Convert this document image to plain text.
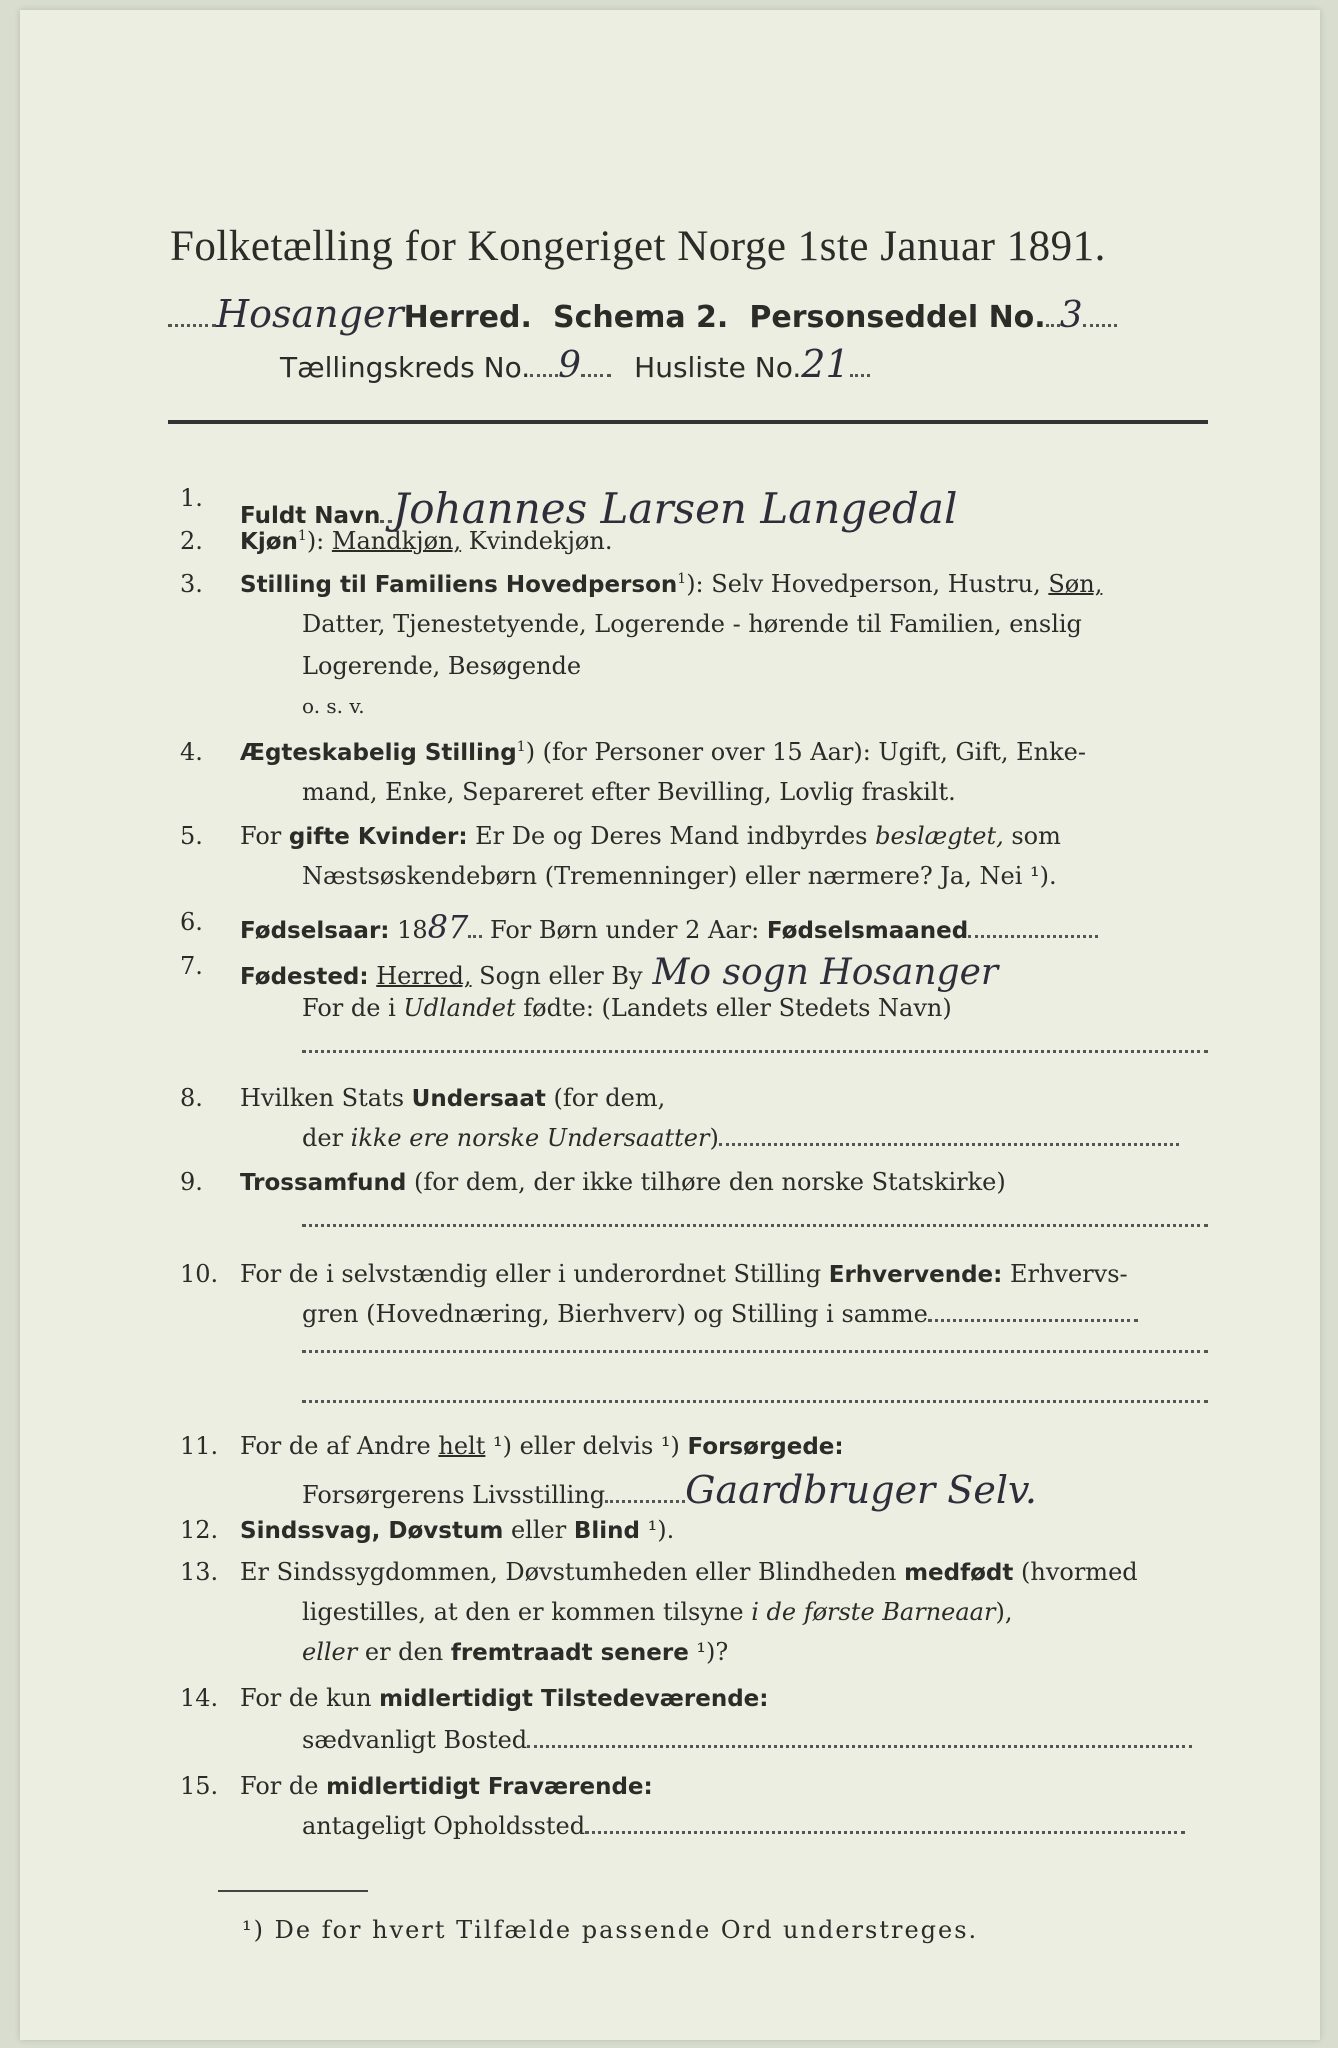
Folketælling for Kongeriget Norge 1ste Januar 1891.
HosangerHerred. Schema 2. Personseddel No. 3
Tællingskreds No. 9 Husliste No.21
1.
Fuldt Navn Johannes Larsen Langedal
2.	Kjøn$^1$): Mandkjøn, Kvindekjøn.
3.	Stilling til Familiens Hovedperson$^1$): Selv Hovedperson, Hustru, Søn,
Datter, Tjenestetyende, Logerende - hørende til Familien, enslig
Logerende, Besøgende
o. s. v.
4.	Ægteskabelig Stilling$^1$) (for Personer over 15 Aar): Ugift, Gift, Enke-
mand, Enke, Separeret efter Bevilling, Lovlig fraskilt.
5.	For gifte Kvinder: Er De og Deres Mand indbyrdes beslægtet, som
Næstsøskendebørn (Tremenninger) eller nærmere? Ja, Nei ¹).
6.	Fødselsaar: 1887 For Børn under 2 Aar: Fødselsmaaned
7.	Fødested: Herred, Sogn eller By Mo sogn Hosanger
For de i Udlandet fødte: (Landets eller Stedets Navn)
8.	Hvilken Stats Undersaat (for dem,
der ikke ere norske Undersaatter)
9.	Trossamfund (for dem, der ikke tilhøre den norske Statskirke)
10. For de i selvstændig eller i underordnet Stilling Erhvervende: Erhvervs-
gren (Hovednæring, Bierhverv) og Stilling i samme
11. For de af Andre helt ¹) eller delvis ¹) Forsørgede:
Forsørgerens Livsstilling Gaardbruger Selv.
12. Sindssvag, Døvstum eller Blind ¹).
13. Er Sindssygdommen, Døvstumheden eller Blindheden medfødt (hvormed
ligestilles, at den er kommen tilsyne i de første Barneaar),
eller er den fremtraadt senere ¹)?
14. For de kun midlertidigt Tilstedeværende:
sædvanligt Bosted
15. For de midlertidigt Fraværende:
antageligt Opholdssted
¹) De for hvert Tilfælde passende Ord understreges.
